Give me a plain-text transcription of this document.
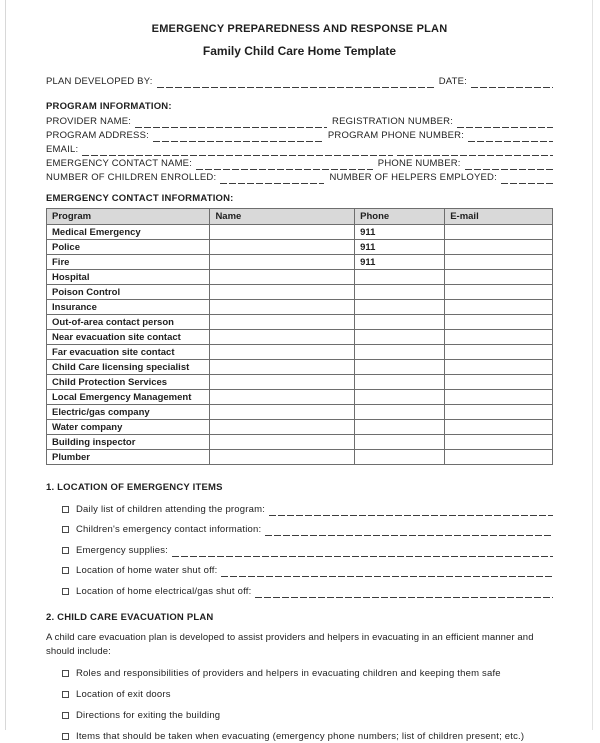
EMERGENCY PREPAREDNESS AND RESPONSE PLAN
Family Child Care Home Template
PLAN DEVELOPED BY:	DATE:
PROGRAM INFORMATION:
PROVIDER NAME:	REGISTRATION NUMBER:
PROGRAM ADDRESS:	PROGRAM PHONE NUMBER:
EMAIL:
EMERGENCY CONTACT NAME:	PHONE NUMBER:
NUMBER OF CHILDREN ENROLLED:	NUMBER OF HELPERS EMPLOYED:
EMERGENCY CONTACT INFORMATION:
Program	Name	Phone	E-mail
Medical Emergency		911	
Police		911	
Fire		911	
Hospital			
Poison Control			
Insurance			
Out-of-area contact person			
Near evacuation site contact			
Far evacuation site contact			
Child Care licensing specialist			
Child Protection Services			
Local Emergency Management			
Electric/gas company			
Water company			
Building inspector			
Plumber			
1. LOCATION OF EMERGENCY ITEMS
Daily list of children attending the program:
Children's emergency contact information:
Emergency supplies:
Location of home water shut off:
Location of home electrical/gas shut off:
2. CHILD CARE EVACUATION PLAN
A child care evacuation plan is developed to assist providers and helpers in evacuating in an efficient manner and should include:
Roles and responsibilities of providers and helpers in evacuating children and keeping them safe
Location of exit doors
Directions for exiting the building
Items that should be taken when evacuating (emergency phone numbers; list of children present; etc.)
